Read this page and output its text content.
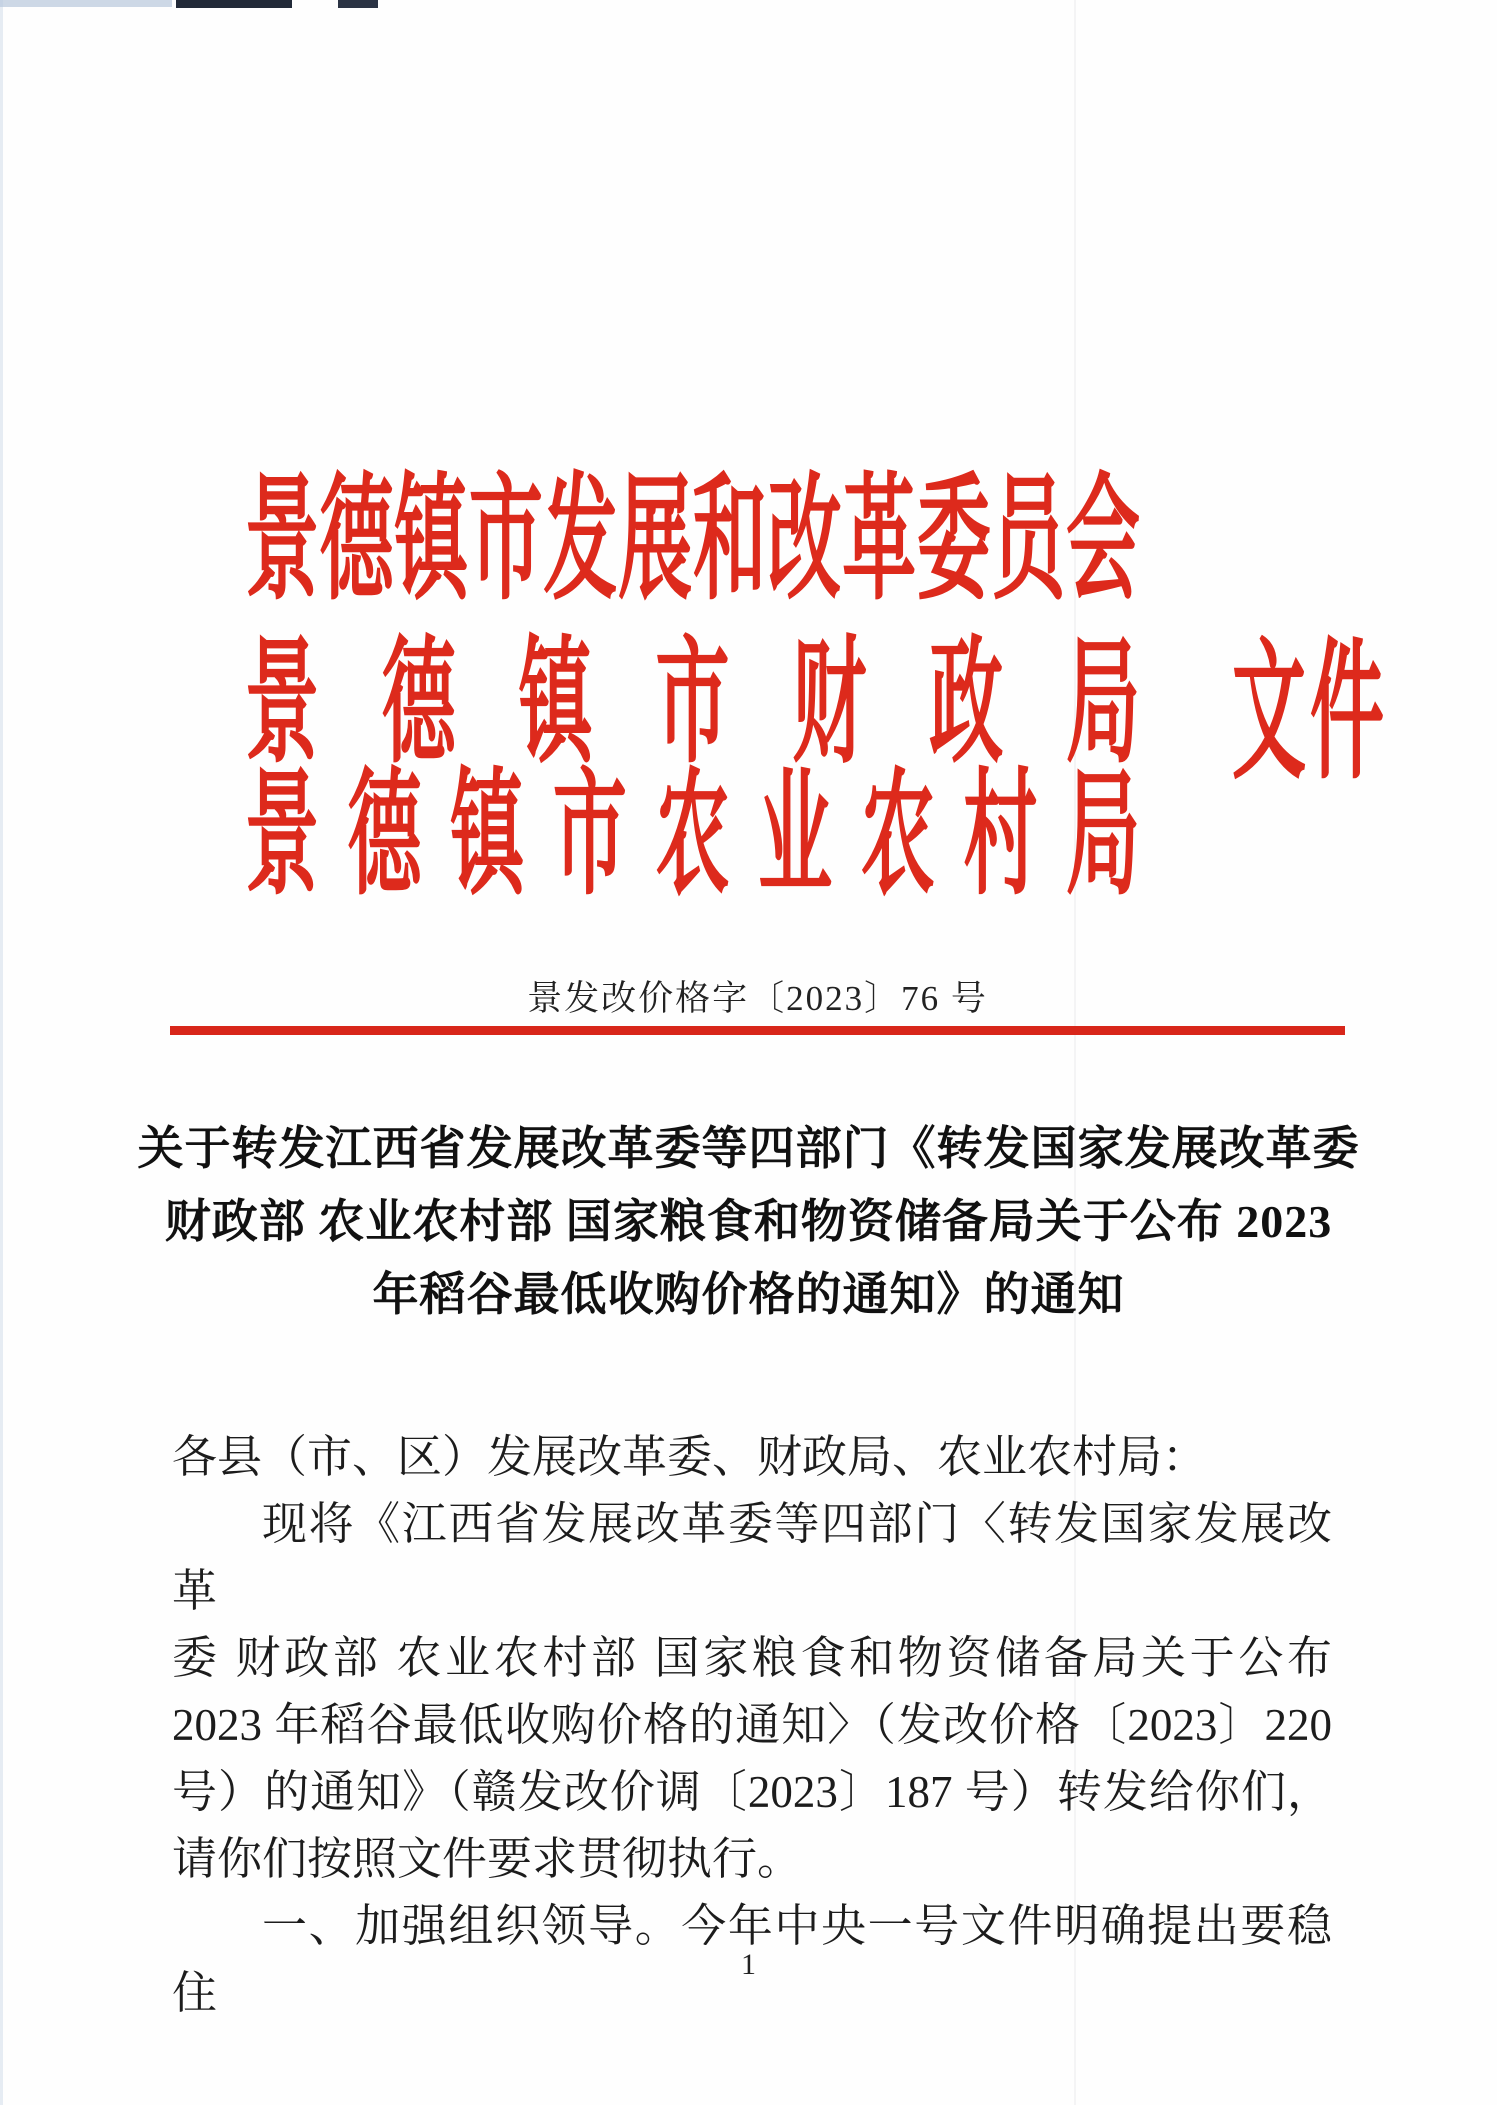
景德镇市发展和改革委员会
景德镇市财政局
景德镇市农业农村局
文件
景发改价格字〔2023〕76 号
关于转发江西省发展改革委等四部门《转发国家发展改革委
财政部 农业农村部 国家粮食和物资储备局关于公布 2023
年稻谷最低收购价格的通知》的通知
各县（市、区）发展改革委、财政局、农业农村局：
现将《江西省发展改革委等四部门〈转发国家发展改革
委 财政部 农业农村部 国家粮食和物资储备局关于公布
2023 年稻谷最低收购价格的通知〉（发改价格〔2023〕220
号）的通知》（赣发改价调〔2023〕187 号）转发给你们，
请你们按照文件要求贯彻执行。
一、加强组织领导。今年中央一号文件明确提出要稳住
1
